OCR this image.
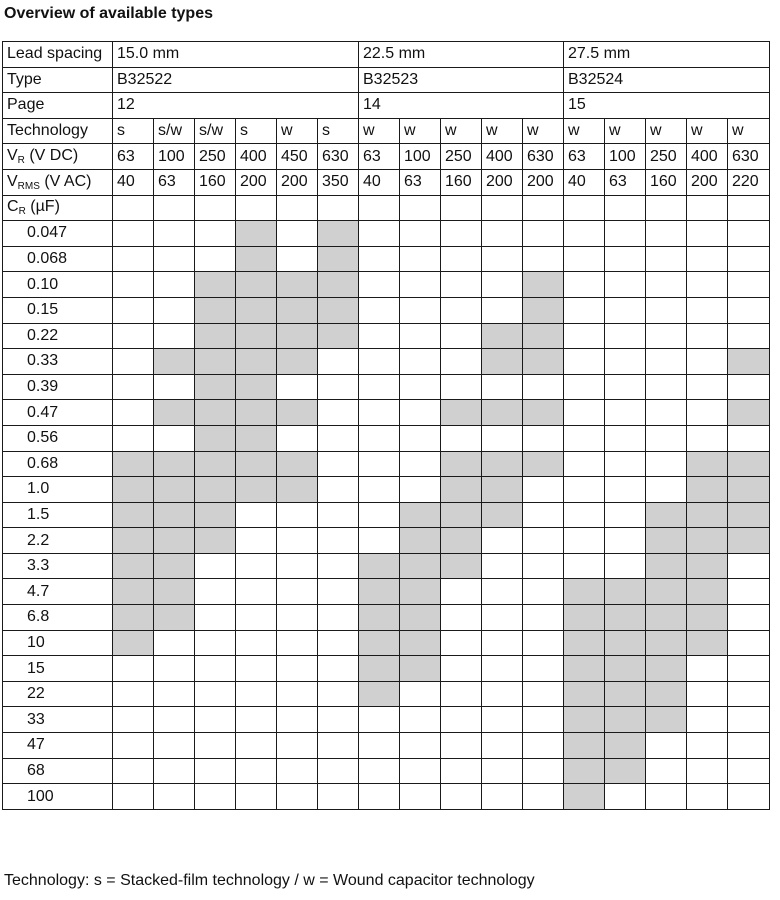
Overview of available types
Lead spacing	15.0 mm						22.5 mm					27.5 mm				
Type	B32522						B32523					B32524				
Page	12						14					15				
Technology	s	s/w	s/w	s	w	s	w	w	w	w	w	w	w	w	w	w
$V_R$ (V DC)	63	100	250	400	450	630	63	100	250	400	630	63	100	250	400	630
$V_{RMS}$ (V AC)	40	63	160	200	200	350	40	63	160	200	200	40	63	160	200	220
$C_R$ (µF)																
0.047																
0.068																
0.10																
0.15																
0.22																
0.33																
0.39																
0.47																
0.56																
0.68																
1.0																
1.5																
2.2																
3.3																
4.7																
6.8																
10																
15																
22																
33																
47																
68																
100																
Technology: s = Stacked-film technology / w = Wound capacitor technology
